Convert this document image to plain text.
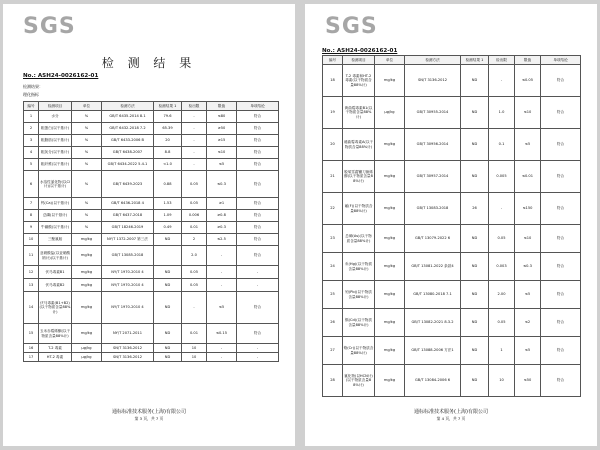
SGS
检 测 结 果
No.: ASH24-0026162-01
检测结果：
理化指标
编号	检测项目	单位	检测方法	检测结果 1	检出限	限值	单项结论
1	水分	%	GB/T 6435-2014 8.1	79.6	-	≤80	符合
2	粗蛋白(以干基计)	%	GB/T 6432-2018 7.2	65.39	-	≥50	符合
3	粗脂肪(以干基计)	%	GB/T 6433-2006 B	20	-	≥15	符合
4	粗灰分(以干基计)	%	GB/T 6438-2007	8.8	-	≤10	符合
5	粗纤维(以干基计)	%	GB/T 6434-2022 5.4.1	<1.0	-	≤5	符合
6	水溶性氯化物(以Cl计)(以干基计)	%	GB/T 6439-2023	0.88	0.05	≤0.3	符合
7	钙(Ca)(以干基计)	%	GB/T 6436-2018 4	1.53	0.05	≥1	符合
8	总磷(以干基计)	%	GB/T 6437-2018	1.09	0.006	≥0.8	符合
9	牛磺酸(以干基计)	%	GB/T 18246-2019	0.49	0.01	≥0.3	符合
10	三聚氰胺	mg/kg	NY/T 1372-2007 第三法	ND	2	≤2.5	符合
11	亚硝酸盐(以亚硝酸钠计)(以干基计)	mg/kg	GB/T 13085-2018		2.0	-	符合
12	伏马毒素B1	mg/kg	NY/T 1970-2010 4	ND	0.05	-	-
13	伏马毒素B2	mg/kg	NY/T 1970-2010 4	ND	0.05	-	-
14	伏马毒素(B1+B2)(以干物质含量88%计)	mg/kg	NY/T 1970-2010 4	ND	-	≤5	符合
15	玉米赤霉烯酮(以干物质含量88%计)	mg/kg	NY/T 2071-2011	ND	0.01	≤0.15	符合
16	T-2 毒素	μg/kg	SN/T 3136-2012	ND	10	-	-
17	HT-2 毒素	μg/kg	SN/T 3136-2012	ND	10	-	-
通标标准技术服务(上海)有限公司
第 3 页，共 7 页
SGS
No.: ASH24-0026162-01
编号	检测项目	单位	检测方法	检测结果 1	检出限	限值	单项结论
18	T-2 毒素和HT-2 毒素(以干物质含量88%计)	mg/kg	SN/T 3136-2012	ND	-	≤0.05	符合
19	黄曲霉毒素B1(以干物质含量88%计)	μg/kg	GB/T 30955-2014	ND	1.0	≤10	符合
20	赭曲霉毒素A(以干物质含量88%计)	mg/kg	GB/T 30956-2014	ND	0.1	≤5	符合
21	脱氧雪腐镰刀菌烯醇(以干物质含量88%计)	mg/kg	GB/T 30957-2014	ND	0.005	≤0.01	符合
22	氟(F)(以干物质含量88%计)	mg/kg	GB/T 13083-2018	26	-	≤150	符合
23	总砷(As)(以干物质含量88%计)	mg/kg	GB/T 13079-2022 6	ND	0.05	≤10	符合
24	汞(Hg)(以干物质含量88%计)	mg/kg	GB/T 13081-2022 条款4	ND	0.003	≤0.3	符合
25	铅(Pb)(以干物质含量88%计)	mg/kg	GB/T 13080-2018 7.1	ND	2.00	≤5	符合
26	镉(Cd)(以干物质含量88%计)	mg/kg	GB/T 13082-2021 8.3.2	ND	0.05	≤2	符合
27	铬(Cr)(以干物质含量88%计)	mg/kg	GB/T 13088-2006 方法1	ND	1	≤5	符合
28	氰化物(以HCN计)(以干物质含量88%计)	mg/kg	GB/T 13084-2006 6	ND	10	≤50	符合
通标标准技术服务(上海)有限公司
第 4 页，共 7 页
